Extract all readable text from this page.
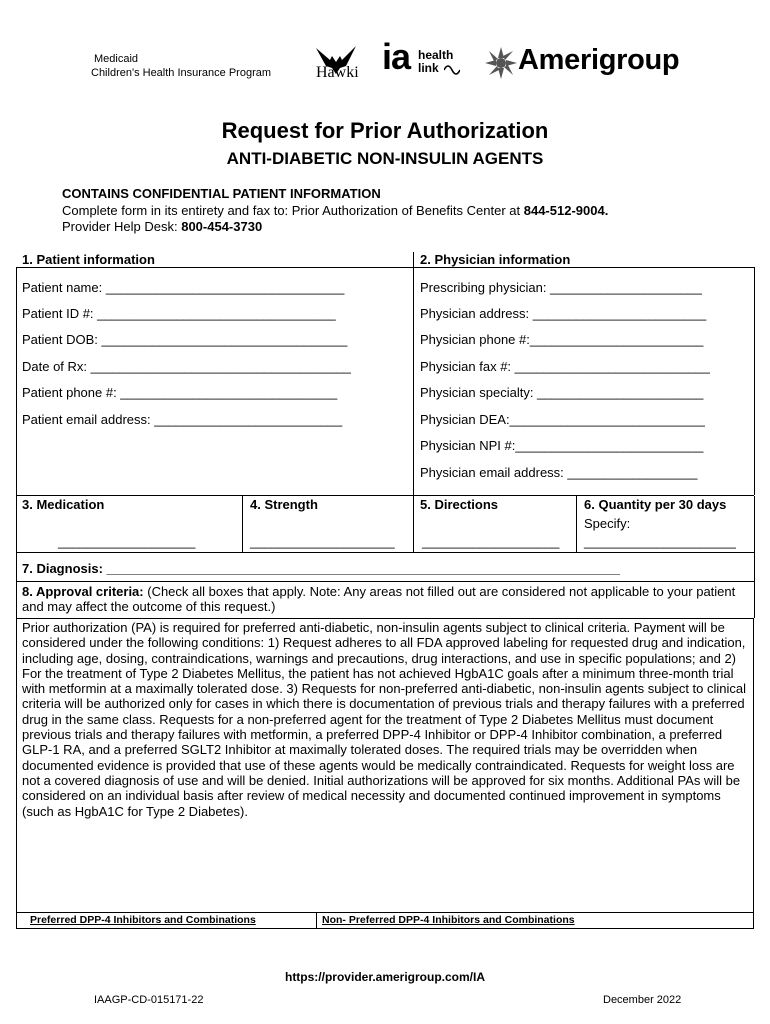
Medicaid
Children's Health Insurance Program	Hawki ia health
link	Amerigroup
Request for Prior Authorization
ANTI-DIABETIC NON-INSULIN AGENTS
CONTAINS CONFIDENTIAL PATIENT INFORMATION
Complete form in its entirety and fax to: Prior Authorization of Benefits Center at 844-512-9004.
Provider Help Desk: 800-454-3730
1. Patient information	2. Physician information
Patient name: _________________________________
Patient ID #: _________________________________
Patient DOB: __________________________________
Date of Rx: ____________________________________
Patient phone #: ______________________________
Patient email address: __________________________
Prescribing physician: _____________________
Physician address: ________________________
Physician phone #:________________________
Physician fax #: ___________________________
Physician specialty: _______________________
Physician DEA:___________________________
Physician NPI #:__________________________
Physician email address: __________________
3. Medication	4. Strength	5. Directions	6. Quantity per 30 days
Specify:
___________________	____________________ ___________________ _____________________
7. Diagnosis: _______________________________________________________________________
8. Approval criteria: (Check all boxes that apply. Note: Any areas not filled out are considered not applicable to your patient and may affect the outcome of this request.)
Prior authorization (PA) is required for preferred anti-diabetic, non-insulin agents subject to clinical criteria. Payment will be considered under the following conditions: 1) Request adheres to all FDA approved labeling for requested drug and indication, including age, dosing, contraindications, warnings and precautions, drug interactions, and use in specific populations; and 2) For the treatment of Type 2 Diabetes Mellitus, the patient has not achieved HgbA1C goals after a minimum three-month trial with metformin at a maximally tolerated dose. 3) Requests for non-preferred anti-diabetic, non-insulin agents subject to clinical criteria will be authorized only for cases in which there is documentation of previous trials and therapy failures with a preferred drug in the same class. Requests for a non-preferred agent for the treatment of Type 2 Diabetes Mellitus must document previous trials and therapy failures with metformin, a preferred DPP-4 Inhibitor or DPP-4 Inhibitor combination, a preferred GLP-1 RA, and a preferred SGLT2 Inhibitor at maximally tolerated doses. The required trials may be overridden when documented evidence is provided that use of these agents would be medically contraindicated. Requests for weight loss are not a covered diagnosis of use and will be denied. Initial authorizations will be approved for six months. Additional PAs will be considered on an individual basis after review of medical necessity and documented continued improvement in symptoms (such as HgbA1C for Type 2 Diabetes).
Preferred DPP-4 Inhibitors and Combinations	Non- Preferred DPP-4 Inhibitors and Combinations
https://provider.amerigroup.com/IA
IAAGP-CD-015171-22	December 2022
